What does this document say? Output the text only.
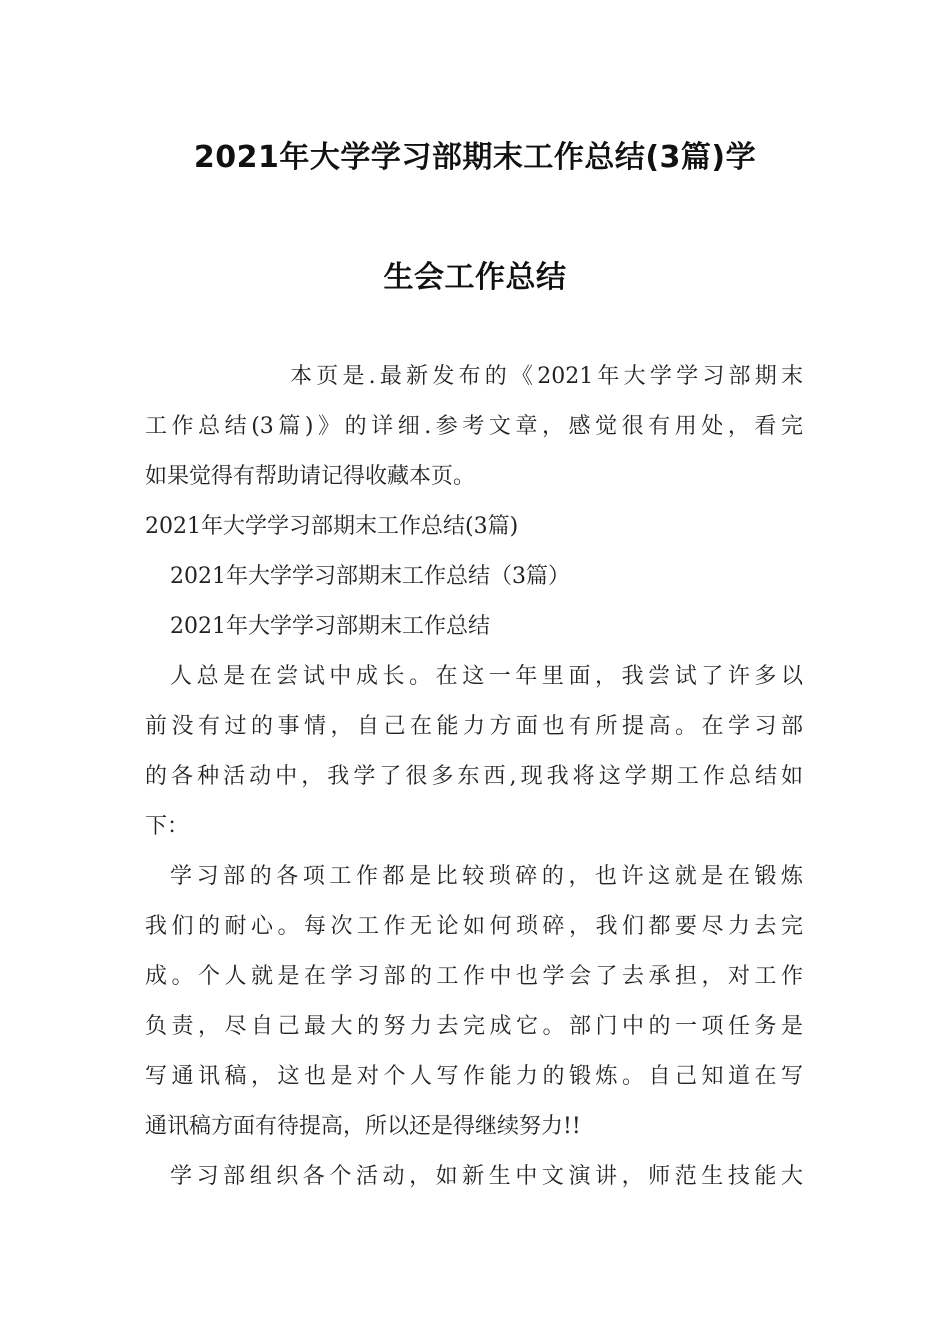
2021年大学学习部期末工作总结(3篇)学
生会工作总结
本页是.最新发布的《2021年大学学习部期末
工作总结(3篇)》的详细.参考文章，感觉很有用处，看完
如果觉得有帮助请记得收藏本页。
2021年大学学习部期末工作总结(3篇)
2021年大学学习部期末工作总结（3篇）
2021年大学学习部期末工作总结
人总是在尝试中成长。在这一年里面，我尝试了许多以
前没有过的事情，自己在能力方面也有所提高。在学习部
的各种活动中，我学了很多东西,现我将这学期工作总结如
下：
学习部的各项工作都是比较琐碎的，也许这就是在锻炼
我们的耐心。每次工作无论如何琐碎，我们都要尽力去完
成。个人就是在学习部的工作中也学会了去承担，对工作
负责，尽自己最大的努力去完成它。部门中的一项任务是
写通讯稿，这也是对个人写作能力的锻炼。自己知道在写
通讯稿方面有待提高，所以还是得继续努力!!
学习部组织各个活动，如新生中文演讲，师范生技能大
